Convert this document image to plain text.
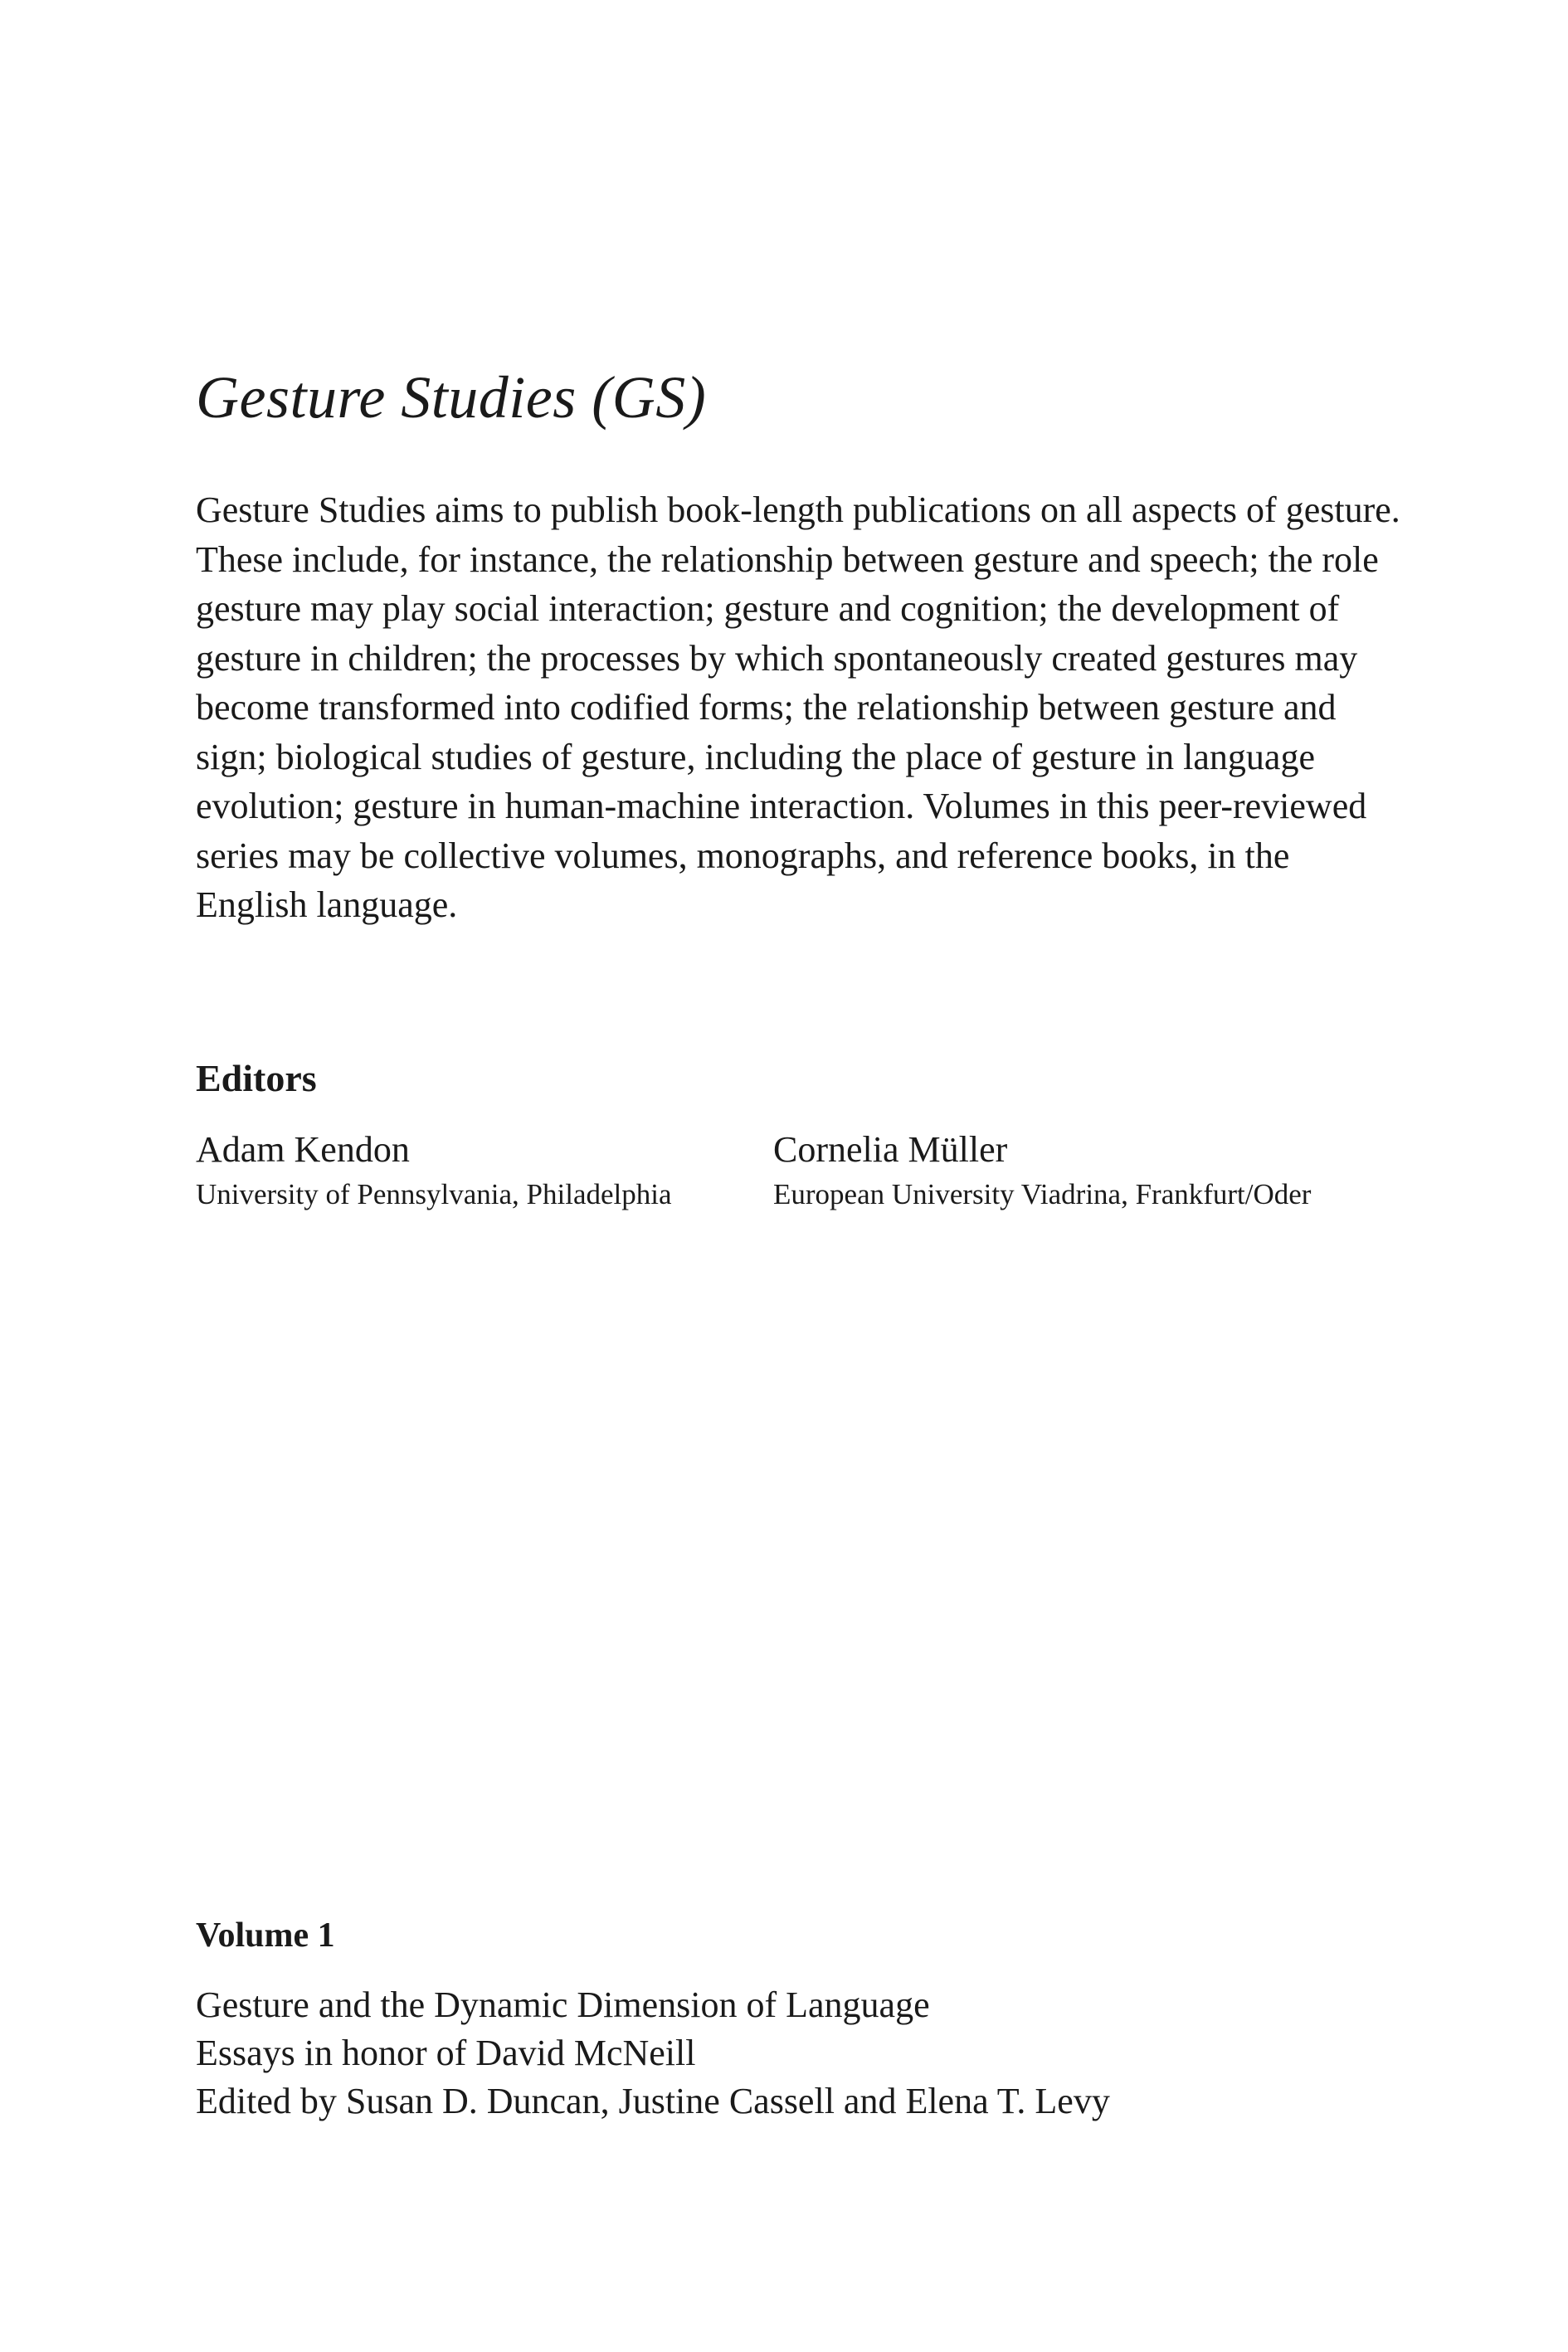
Gesture Studies (GS)

Gesture Studies aims to publish book-length publications on all aspects of gesture. These include, for instance, the relationship between gesture and speech; the role gesture may play social interaction; gesture and cognition; the development of gesture in children; the processes by which spontaneously created gestures may become transformed into codified forms; the relationship between gesture and sign; biological studies of gesture, including the place of gesture in language evolution; gesture in human-machine interaction. Volumes in this peer-reviewed series may be collective volumes, monographs, and reference books, in the English language.

Editors
Adam Kendon
University of Pennsylvania, Philadelphia
Cornelia Müller
European University Viadrina, Frankfurt/Oder
Volume 1
Gesture and the Dynamic Dimension of Language
Essays in honor of David McNeill
Edited by Susan D. Duncan, Justine Cassell and Elena T. Levy
